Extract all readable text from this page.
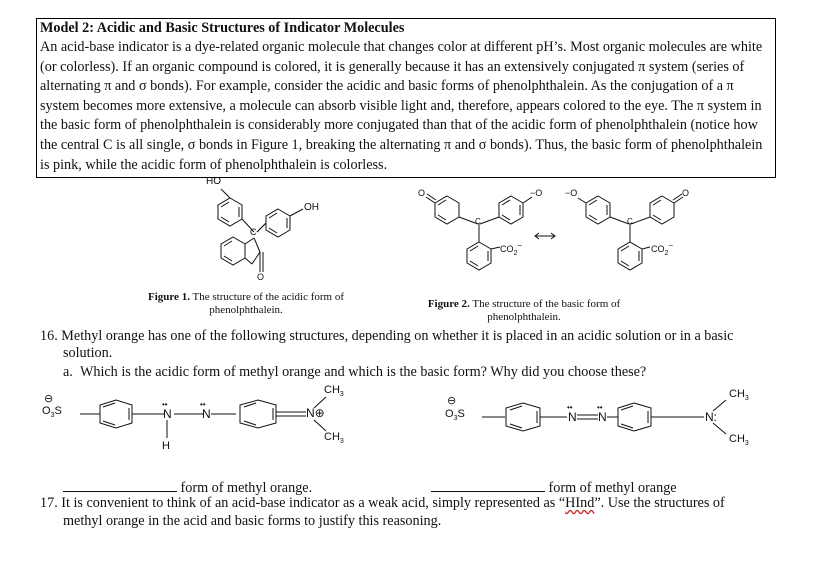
Model 2: Acidic and Basic Structures of Indicator Molecules
An acid-base indicator is a dye-related organic molecule that changes color at different pH’s. Most organic molecules are white (or colorless). If an organic compound is colored, it is generally because it has an extensively conjugated π system (series of alternating π and σ bonds). For example, consider the acidic and basic forms of phenolphthalein. As the conjugation of a π system becomes more extensive, a molecule can absorb visible light and, therefore, appears colored to the eye. The π system in the basic form of phenolphthalein is considerably more conjugated than that of the acidic form of phenolphthalein (notice how the central C is all single, σ bonds in Figure 1, breaking the alternating π and σ bonds). Thus, the basic form of phenolphthalein is pink, while the acidic form of phenolphthalein is colorless.
HO
OH
C
O
O	−O
C
$CO_2^-$
−O	O
C
$CO_2^-$
Figure 1. The structure of the acidic form of
phenolphthalein.	Figure 2. The structure of the basic form of
phenolphthalein.
16. Methyl orange has one of the following structures, depending on whether it is placed in an acidic solution or in a basic
solution.
a. Which is the acidic form of methyl orange and which is the basic form? Why did you choose these?
⊖
$O_3S$
••
N
••
N
H
N⊕
$CH_3$
$CH_3$
⊖
$O_3S$
••
N
••
N	N:
$CH_3$
$CH_3$
form of methyl orange.	form of methyl orange
17. It is convenient to think of an acid-base indicator as a weak acid, simply represented as “HInd”. Use the structures of
methyl orange in the acid and basic forms to justify this reasoning.
